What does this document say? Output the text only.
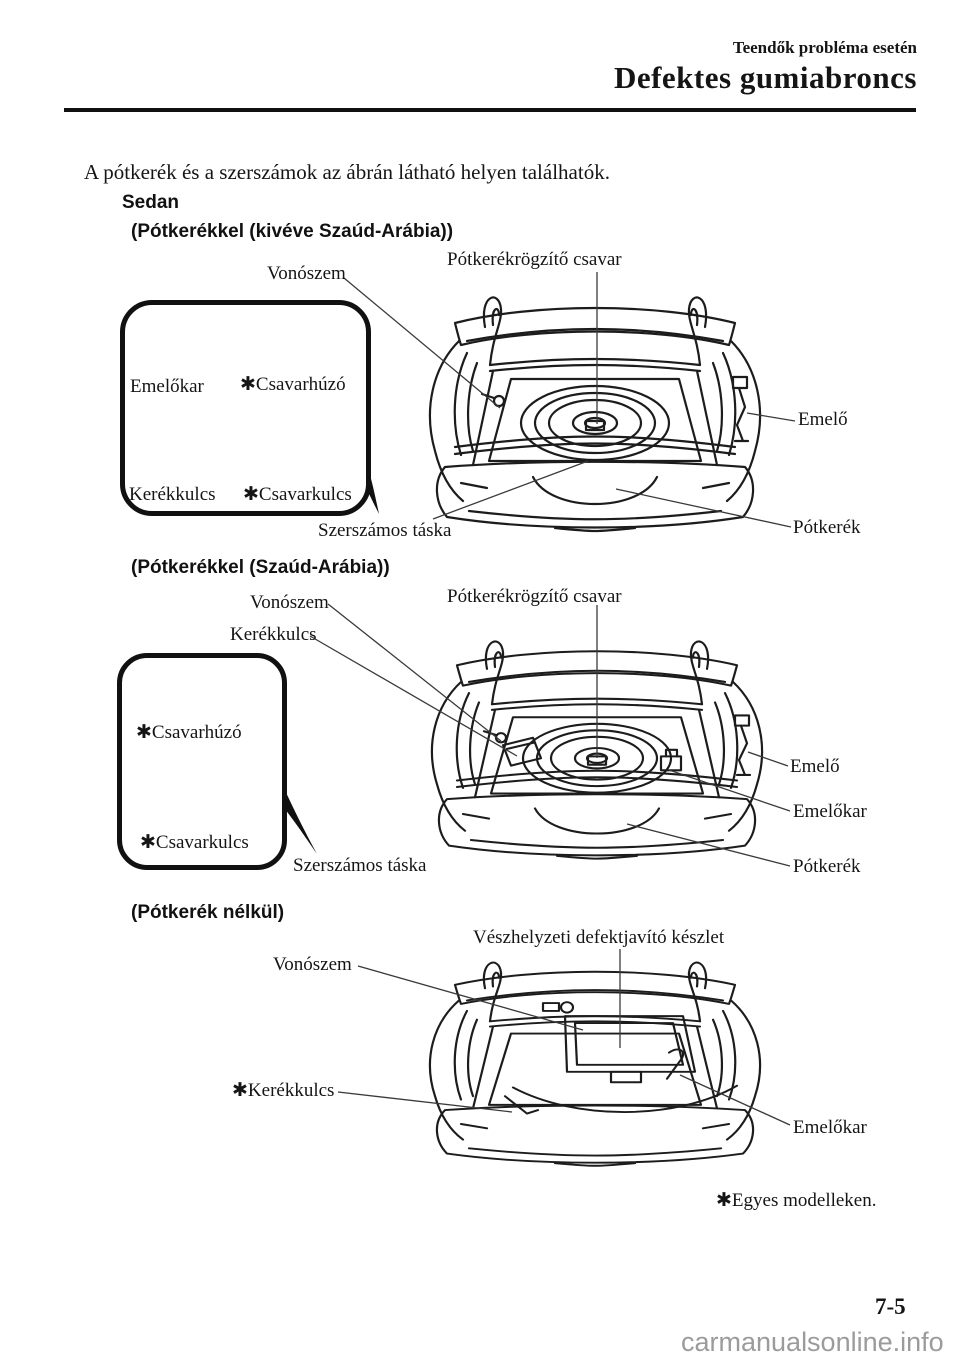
Teendők probléma esetén
Defektes gumiabroncs
A pótkerék és a szerszámok az ábrán látható helyen találhatók.
Sedan
(Pótkerékkel (kivéve Szaúd-Arábia))
Emelőkar ✱Csavarhúzó
Kerékkulcs ✱Csavarkulcs
Vonószem
Pótkerékrögzítő csavar
Emelő
Szerszámos táska	Pótkerék
(Pótkerékkel (Szaúd-Arábia))
✱Csavarhúzó
✱Csavarkulcs
Vonószem
Kerékkulcs
Pótkerékrögzítő csavar
Emelő
Emelőkar
Pótkerék
Szerszámos táska
(Pótkerék nélkül)
Vészhelyzeti defektjavító készlet
Vonószem
✱Kerékkulcs
Emelőkar
✱Egyes modelleken.
7-5
carmanualsonline.info
